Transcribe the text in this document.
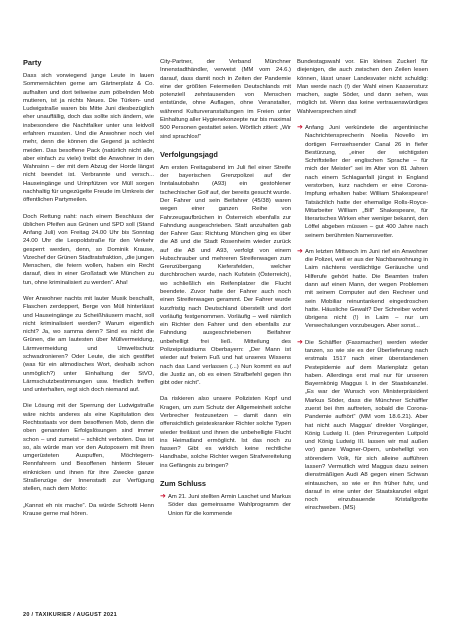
Party

Dass sich vorwiegend junge Leute in lauen Sommernächten gerne am Gärtnerplatz & Co. aufhalten und dort teilweise zum pöbelnden Mob mutieren, ist ja nichts Neues. Die Türken- und Ludwigstraße waren bis Mitte Juni diesbezüglich eher unauffällig, doch das sollte sich ändern, wie insbesondere die Nachtfalker unter uns leidvoll erfahren mussten. Und die Anwohner noch viel mehr, denn die können die Gegend ja schlecht meiden. Das besoffene Pack (natürlich nicht alle, aber einfach zu viele) treibt die Anwohner in den Wahnsinn – der mit dem Abzug der Horde längst nicht beendet ist. Verbrannte und versch... Hauseingänge und Urinpfützen vor Müll sorgen nachhaltig für ungezügelte Freude im Umkreis der öffentlichen Partymeilen.

Doch Rettung naht: nach einem Beschluss der üblichen Pfeifen aus Grünen und SPD soll (Stand Anfang Juli) von Freitag 24.00 Uhr bis Sonntag 24.00 Uhr die Leopoldstraße für den Verkehr gesperrt werden, denn, so Dominik Krause, Vizechef der Grünen Stadtratsfraktion, „die jungen Menschen, die feiern wollen, haben ein Recht darauf, dies in einer Großstadt wie München zu tun, ohne kriminalisiert zu werden“. Aha!

Wer Anwohner nachts mit lauter Musik beschallt, Flaschen zerdeppert, Berge von Müll hinterlässt und Hauseingänge zu Scheißhäusern macht, soll nicht kriminalisiert werden? Warum eigentlich nicht? Ja, wo samma denn? Sind es nicht die Grünen, die am lautesten über Müllvermeidung, Lärmvermeidung und Umweltschutz schwadronieren? Oder Leute, die sich gestiftet (was für ein altmodisches Wort, deshalb schon unmöglich?) unter Einhaltung der StVO, Lärmschutzbestimmungen usw. friedlich treffen und unterhalten, regt sich doch niemand auf.

Die Lösung mit der Sperrung der Ludwigstraße wäre nichts anderes als eine Kapitulation des Rechtsstaats vor dem besoffenen Mob, denn die oben genannten Erfolgslösungen sind immer schon – und zumeist – schlicht verboten. Das ist so, als würde man vor den Autoposern mit ihren umgerüsteten Auspuffen, Möchtegern-Rennfahrern und Besoffenen hinterm Steuer einknicken und ihnen für ihre Zwecke ganze Straßenzüge der Innenstadt zur Verfügung stellen, nach dem Motto:

„Kannst eh nix mache“. Da würde Schrotti Henn Krause gerne mal hören.

City-Partner, der Verband Münchner Innenstadthändler, verweist (MM vom 24.6.) darauf, dass damit noch in Zeiten der Pandemie eine der größten Feiermeilen Deutschlands mit potenziell zehntausenden von Menschen entstünde, ohne Auflagen, ohne Veranstalter, während Kulturveranstaltungen im Freien unter Einhaltung aller Hygienekonzepte nur bis maximal 500 Personen gestattet seien. Wörtlich zitiert: „Wir sind sprachlos!“

Verfolgungsjagd

Am ersten Freitagabend im Juli fiel einer Streife der bayerischen Grenzpolizei auf der Inntalautobahn (A93) ein gestohlener tschechischer Golf auf, der bereits gesucht wurde. Der Fahrer und sein Beifahrer (45/38) waren wegen einer ganzen Reihe von Fahrzeugaufbrüchen in Österreich ebenfalls zur Fahndung ausgeschrieben. Statt anzuhalten gab der Fahrer Gas: Richtung München ging es über die A8 und die Stadt Rosenheim wieder zurück auf die A8 und A93, verfolgt von einem Hubschrauber und mehreren Streifenwagen zum Grenzübergang Kiefersfelden, welcher durchbrochen wurde, nach Kufstein (Österreich), wo schließlich ein Reifenplatzer die Flucht beendete. Zuvor hatte der Fahrer auch noch einen Streifenwagen gerammt. Der Fahrer wurde kurzfristig nach Deutschland überstellt und dort vorläufig festgenommen. Vorläufig – weil nämlich ein Richter den Fahrer und den ebenfalls zur Fahndung ausgeschriebenen Beifahrer unbehelligt frei ließ. Mitteilung des Polizeipräsidiums Oberbayern: „Der Mann ist wieder auf freiem Fuß und hat unseres Wissens nach das Land verlassen (...) Nun kommt es auf die Justiz an, ob es einen Strafbefehl gegen ihn gibt oder nicht“.

Da riskieren also unsere Polizisten Kopf und Kragen, um zum Schutz der Allgemeinheit solche Verbrecher festzusetzen – damit dann ein offensichtlich geisteskranker Richter solche Typen wieder freilässt und ihnen die unbehelligte Flucht ins Heimatland ermöglicht. Ist das noch zu fassen? Gibt es wirklich keine rechtliche Handhabe, solche Richter wegen Strafvereitelung ins Gefängnis zu bringen?

Zum Schluss
➜ Am 21. Juni stellten Armin Laschet und Markus Söder das gemeinsame Wahlprogramm der Union für die kommende

Bundestagswahl vor. Ein kleines Zuckerl für diejenigen, die auch zwischen den Zeilen lesen können, lässt unser Landesvater nicht schuldig: Man werde nach (!) der Wahl einen Kassensturz machen, sagte Söder, und dann sehen, was möglich ist. Wenn das keine vertrauenswürdiges Wahlversprechen sind!

➜ Anfang Juni verkündete die argentinische Nachrichtensprecherin Noelia Novello im dortigen Fernsehsender Canal 26 in fiefer Bestürzung, „einer der wichtigsten Schriftsteller der englischen Sprache – für mich der Meister“ sei im Alter von 81 Jahren nach einem Schlaganfall jüngst in England verstorben, kurz nachdem er eine Corona-Impfung erhalten habe: William Shakespeare! Tatsächlich hatte der ehemalige Rolls-Royce-Mitarbeiter William „Bill“ Shakespeare, für literarisches Wirken eher weniger bekannt, den Löffel abgeben müssen – gut 400 Jahre nach seinem berühmten Namensvetter.
➜ Am letzten Mittwoch im Juni rief ein Anwohner die Polizei, weil er aus der Nachbarwohnung in Laim nächtens verdächtige Geräusche und Hilferufe gehört hatte. Die Beamten trafen dann auf einen Mann, der wegen Problemen mit seinem Computer auf den Rechner und sein Mobiliar reinuntankend eingedroschen hatte. Häusliche Gewalt? Der Schreiber wohnt übrigens nicht (!) in Laim – nur um Verwechslungen vorzubeugen. Aber sonst...
➜ Die Schäffler (Fassmacher) werden wieder tanzen, so wie sie es der Überlieferung nach erstmals 1517 nach einer überstandenen Pestepidemie auf dem Marienplatz getan haben. Allerdings erst mal nur für unseren Bayernkönig Maggus I. in der Staatskanzlei. „Es war der Wunsch von Ministerpräsident Markus Söder, dass die Münchner Schäffler zuerst bei ihm auftreten, sobald die Corona-Pandemie aufhört“ (MM vom 18.6.21). Aber hat nicht auch Maggus’ direkter Vorgänger, König Ludwig II. (den Prinzregenten Luitpold und König Ludwig III. lassen wir mal außen vor) ganze Wagner-Opern, unbehelligt von störendem Volk, für sich alleine aufführen lassen? Vermutlich wird Maggus dazu seinen dienstmäßigen Audi A8 gegen einen Schwan eintauschen, so wie er ihn früher fuhr, und darauf in eine unter der Staatskanzlei eilgst noch einzubauende Kristallgrotte einschweben. (MS)
20 / TAXIKURIER / AUGUST 2021
